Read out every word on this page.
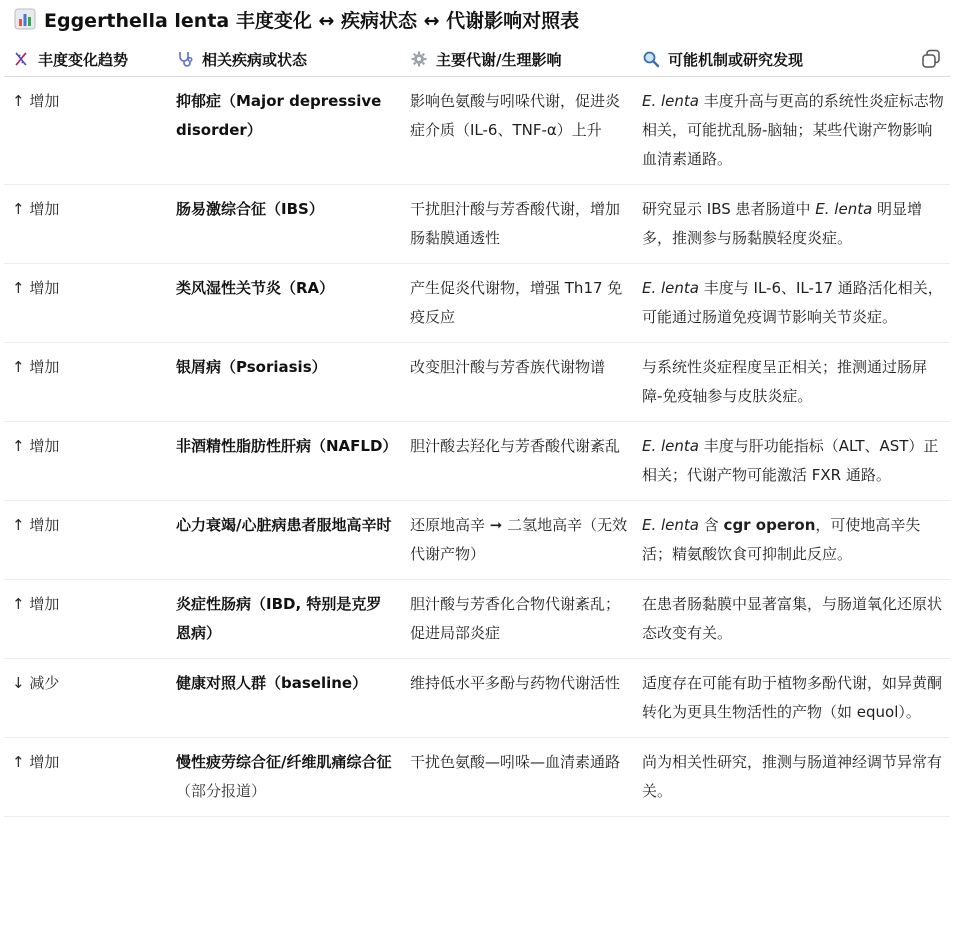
Eggerthella lenta 丰度变化 ↔ 疾病状态 ↔ 代谢影响对照表
丰度变化趋势	相关疾病或状态	主要代谢/生理影响	可能机制或研究发现
↑ 增加	抑郁症（Major depressive disorder）	影响色氨酸与吲哚代谢，促进炎症介质（IL-6、TNF-α）上升	E. lenta 丰度升高与更高的系统性炎症标志物相关，可能扰乱肠-脑轴；某些代谢产物影响血清素通路。
↑ 增加	肠易激综合征（IBS）	干扰胆汁酸与芳香酸代谢，增加肠黏膜通透性	研究显示 IBS 患者肠道中 E. lenta 明显增多，推测参与肠黏膜轻度炎症。
↑ 增加	类风湿性关节炎（RA）	产生促炎代谢物，增强 Th17 免疫反应	E. lenta 丰度与 IL-6、IL-17 通路活化相关，可能通过肠道免疫调节影响关节炎症。
↑ 增加	银屑病（Psoriasis）	改变胆汁酸与芳香族代谢物谱	与系统性炎症程度呈正相关；推测通过肠屏障-免疫轴参与皮肤炎症。
↑ 增加	非酒精性脂肪性肝病（NAFLD）	胆汁酸去羟化与芳香酸代谢紊乱	E. lenta 丰度与肝功能指标（ALT、AST）正相关；代谢产物可能激活 FXR 通路。
↑ 增加	心力衰竭/心脏病患者服地高辛时	还原地高辛 ➞ 二氢地高辛（无效代谢产物）	E. lenta 含 cgr operon，可使地高辛失活；精氨酸饮食可抑制此反应。
↑ 增加	炎症性肠病（IBD, 特别是克罗恩病）	胆汁酸与芳香化合物代谢紊乱；促进局部炎症	在患者肠黏膜中显著富集，与肠道氧化还原状态改变有关。
↓ 减少	健康对照人群（baseline）	维持低水平多酚与药物代谢活性	适度存在可能有助于植物多酚代谢，如异黄酮转化为更具生物活性的产物（如 equol）。
↑ 增加	慢性疲劳综合征/纤维肌痛综合征（部分报道）	干扰色氨酸—吲哚—血清素通路	尚为相关性研究，推测与肠道神经调节异常有关。
